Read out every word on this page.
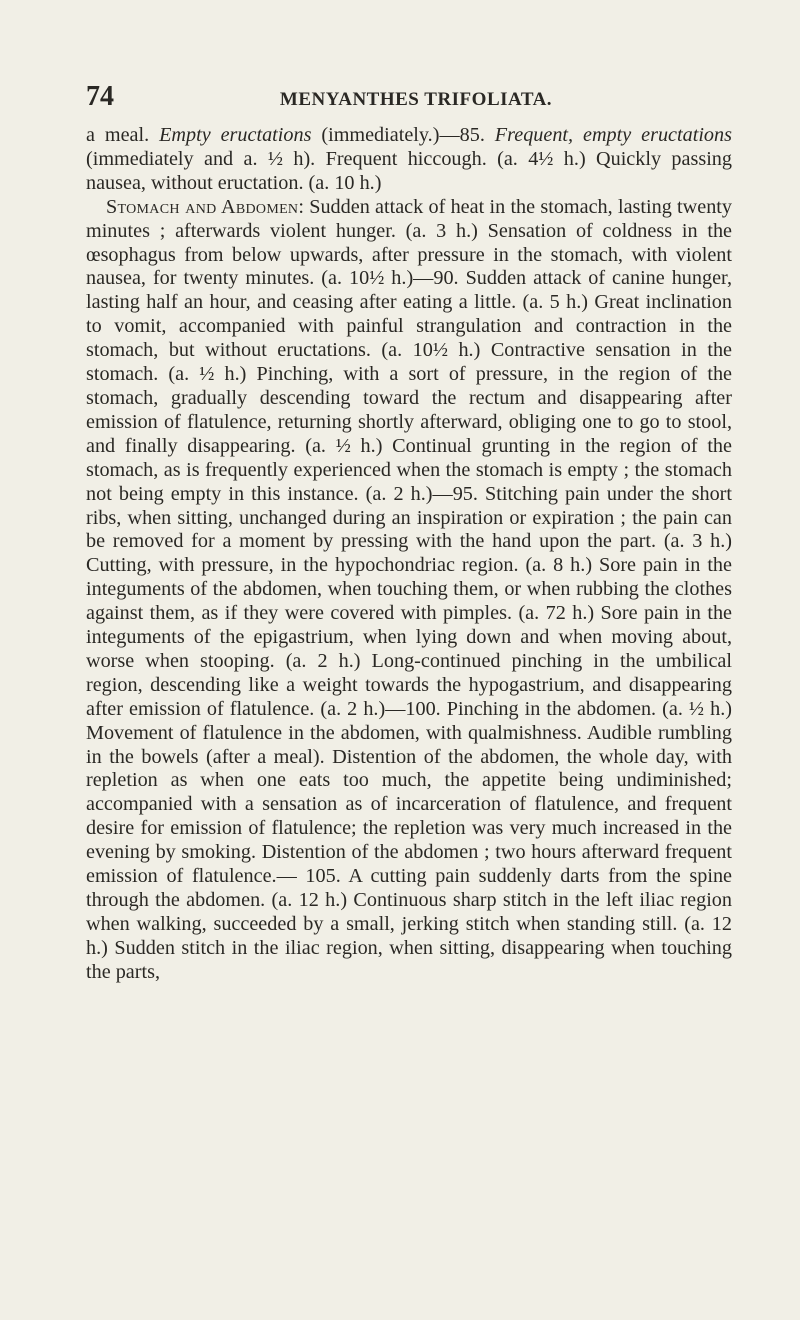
74	MENYANTHES TRIFOLIATA.

a meal. Empty eructations (immediately.)—85. Frequent, empty eructations (immediately and a. ½ h). Frequent hiccough. (a. 4½ h.) Quickly passing nausea, without eructation. (a. 10 h.)

Stomach and Abdomen: Sudden attack of heat in the stomach, lasting twenty minutes ; afterwards violent hunger. (a. 3 h.) Sensation of coldness in the œsophagus from below upwards, after pressure in the stomach, with violent nausea, for twenty minutes. (a. 10½ h.)—90. Sudden attack of canine hunger, lasting half an hour, and ceasing after eating a little. (a. 5 h.) Great inclination to vomit, accompanied with painful strangulation and contraction in the stomach, but without eructations. (a. 10½ h.) Contractive sensation in the stomach. (a. ½ h.) Pinching, with a sort of pressure, in the region of the stomach, gradually descending toward the rectum and disappearing after emission of flatulence, returning shortly afterward, obliging one to go to stool, and finally disappearing. (a. ½ h.) Continual grunting in the region of the stomach, as is frequently experienced when the stomach is empty ; the stomach not being empty in this instance. (a. 2 h.)—95. Stitching pain under the short ribs, when sitting, unchanged during an inspiration or expiration ; the pain can be removed for a moment by pressing with the hand upon the part. (a. 3 h.) Cutting, with pressure, in the hypochondriac region. (a. 8 h.) Sore pain in the integuments of the abdomen, when touching them, or when rubbing the clothes against them, as if they were covered with pimples. (a. 72 h.) Sore pain in the integuments of the epigastrium, when lying down and when moving about, worse when stooping. (a. 2 h.) Long-continued pinching in the umbilical region, descending like a weight towards the hypogastrium, and disappearing after emission of flatulence. (a. 2 h.)—100. Pinching in the abdomen. (a. ½ h.) Movement of flatulence in the abdomen, with qualmishness. Audible rumbling in the bowels (after a meal). Distention of the abdomen, the whole day, with repletion as when one eats too much, the appetite being undiminished; accompanied with a sensation as of incarceration of flatulence, and frequent desire for emission of flatulence; the repletion was very much increased in the evening by smoking. Distention of the abdomen ; two hours afterward frequent emission of flatulence.— 105. A cutting pain suddenly darts from the spine through the abdomen. (a. 12 h.) Continuous sharp stitch in the left iliac region when walking, succeeded by a small, jerking stitch when standing still. (a. 12 h.) Sudden stitch in the iliac region, when sitting, disappearing when touching the parts,
